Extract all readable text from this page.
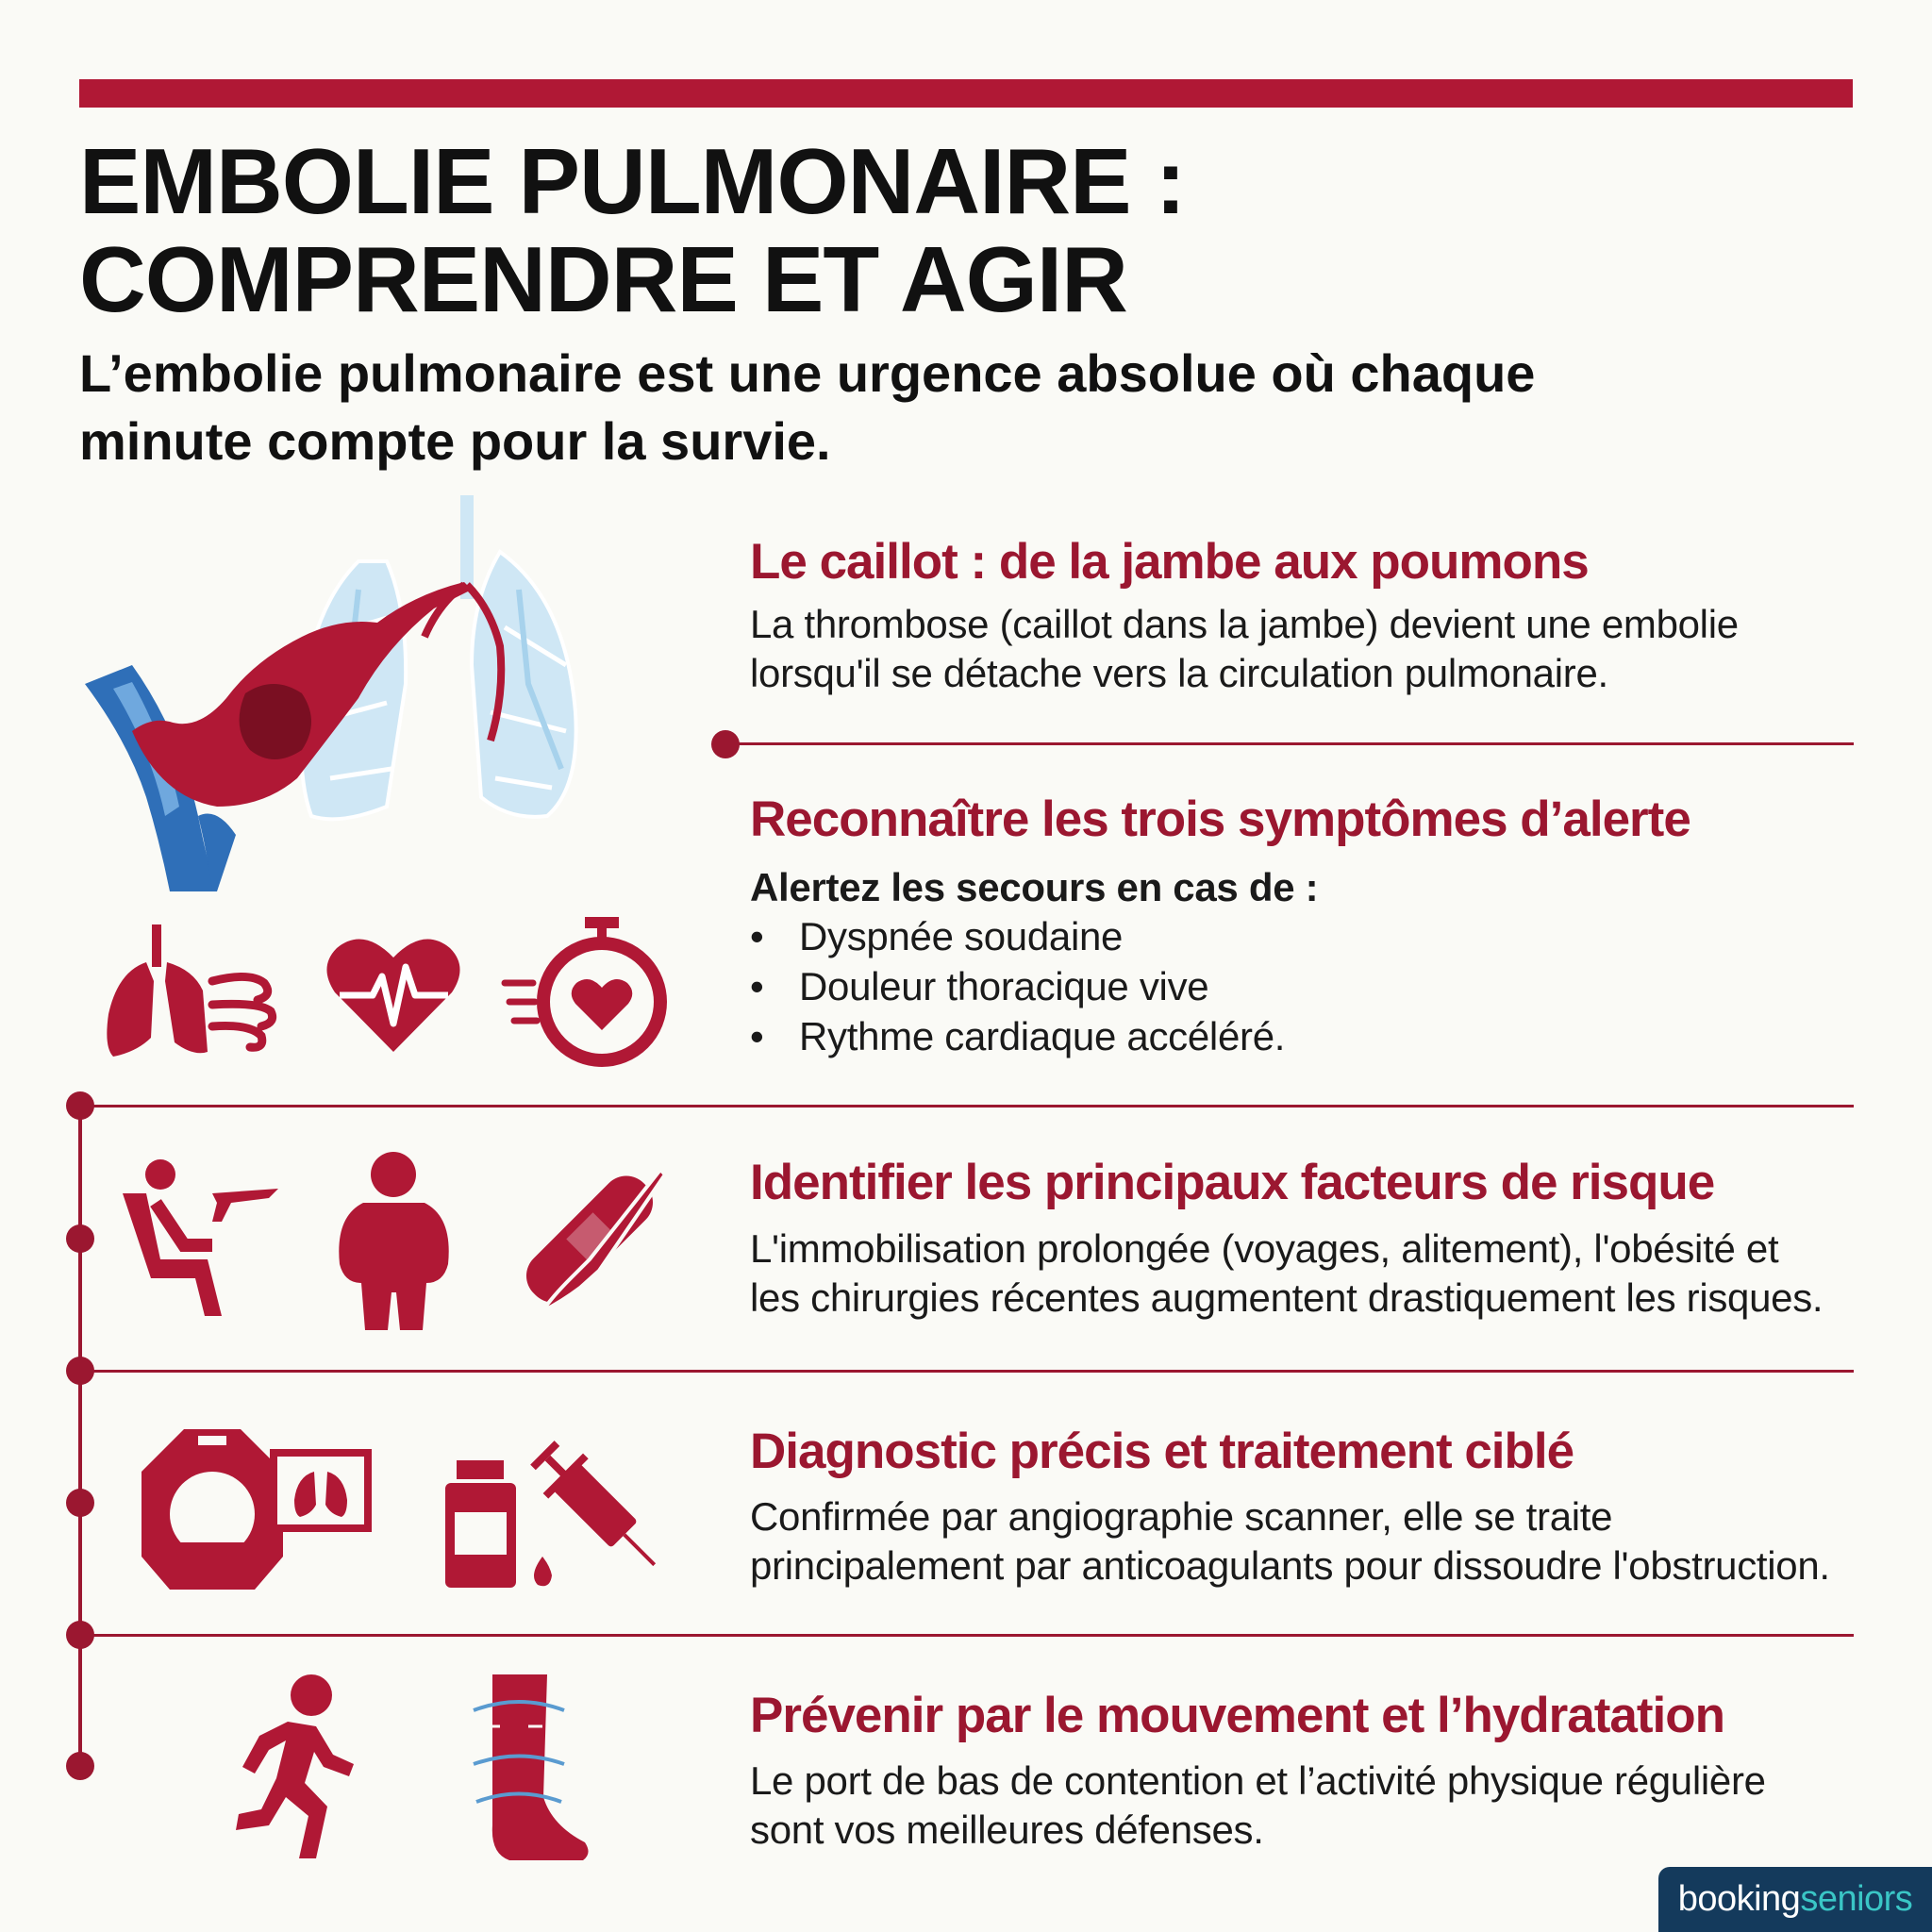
EMBOLIE PULMONAIRE :
COMPRENDRE ET AGIR
L’embolie pulmonaire est une urgence absolue où chaque
minute compte pour la survie.
Le caillot : de la jambe aux poumons
La thrombose (caillot dans la jambe) devient une embolie
lorsqu'il se détache vers la circulation pulmonaire.
Reconnaître les trois symptômes d’alerte
Alertez les secours en cas de :
• Dyspnée soudaine
• Douleur thoracique vive
• Rythme cardiaque accéléré.
Identifier les principaux facteurs de risque
L'immobilisation prolongée (voyages, alitement), l'obésité et
les chirurgies récentes augmentent drastiquement les risques.
Diagnostic précis et traitement ciblé
Confirmée par angiographie scanner, elle se traite
principalement par anticoagulants pour dissoudre l'obstruction.
Prévenir par le mouvement et l’hydratation
Le port de bas de contention et l’activité physique régulière
sont vos meilleures défenses.
bookingseniors
